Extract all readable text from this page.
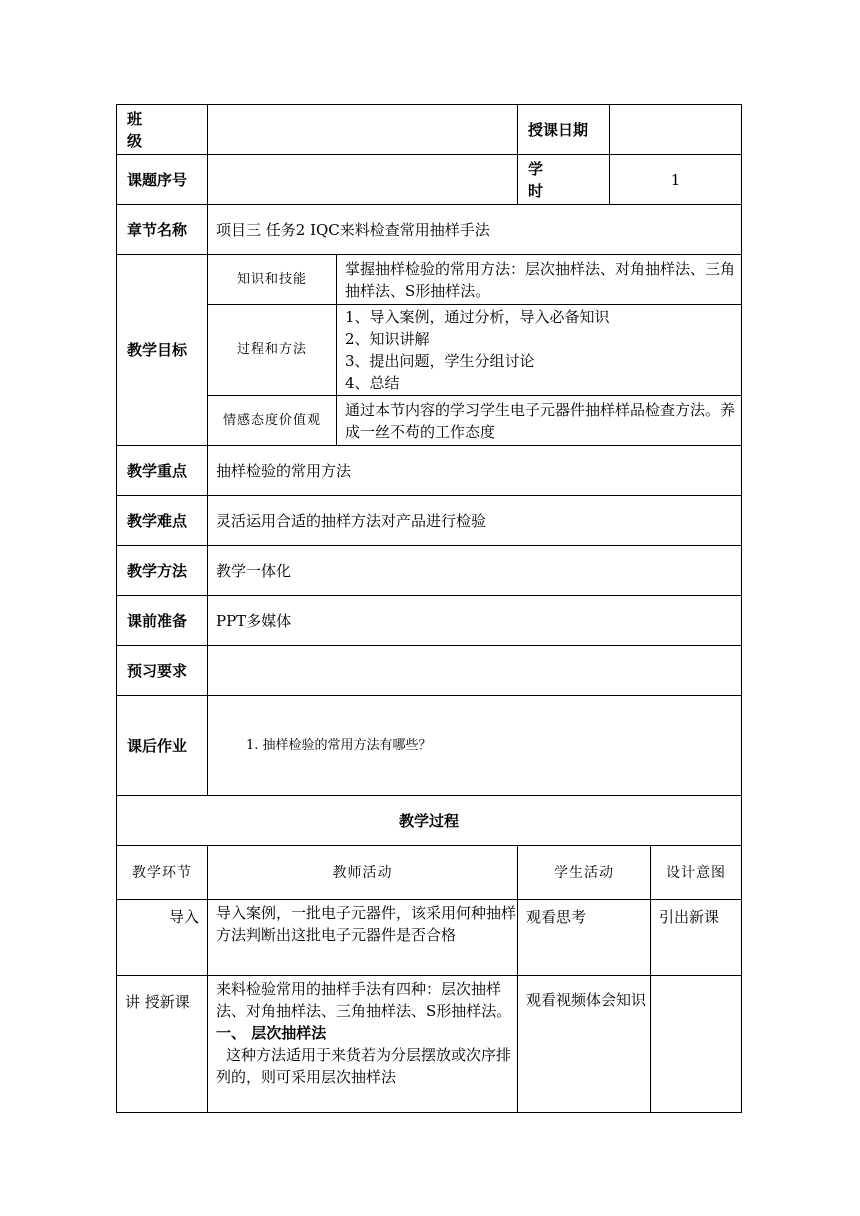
班 级			授课日期		
课题序号			学 时	1	
章节名称	项目三 任务2 IQC来料检查常用抽样手法				
教学目标	知识和技能	掌握抽样检验的常用方法：层次抽样法、对角抽样法、三角抽样法、S形抽样法。			
	过程和方法	1、导入案例，通过分析，导入必备知识
2、知识讲解
3、提出问题，学生分组讨论
4、总结			

	情感态度价值观	通过本节内容的学习学生电子元器件抽样样品检查方法。养成一丝不苟的工作态度			
教学重点	抽样检验的常用方法				
教学难点	灵活运用合适的抽样方法对产品进行检验				
教学方法	教学一体化				
课前准备	PPT多媒体				
预习要求					
课后作业	1. 抽样检验的常用方法有哪些？				
教学过程					
教学环节	教师活动		学生活动		设计意图
导入	导入案例，一批电子元器件，该采用何种抽样方法判断出这批电子元器件是否合格		观看思考		引出新课
讲 授新课	来料检验常用的抽样手法有四种：层次抽样法、对角抽样法、三角抽样法、S形抽样法。
一、 层次抽样法
这种方法适用于来货若为分层摆放或次序排列的，则可采用层次抽样法		观看视频体会知识		
